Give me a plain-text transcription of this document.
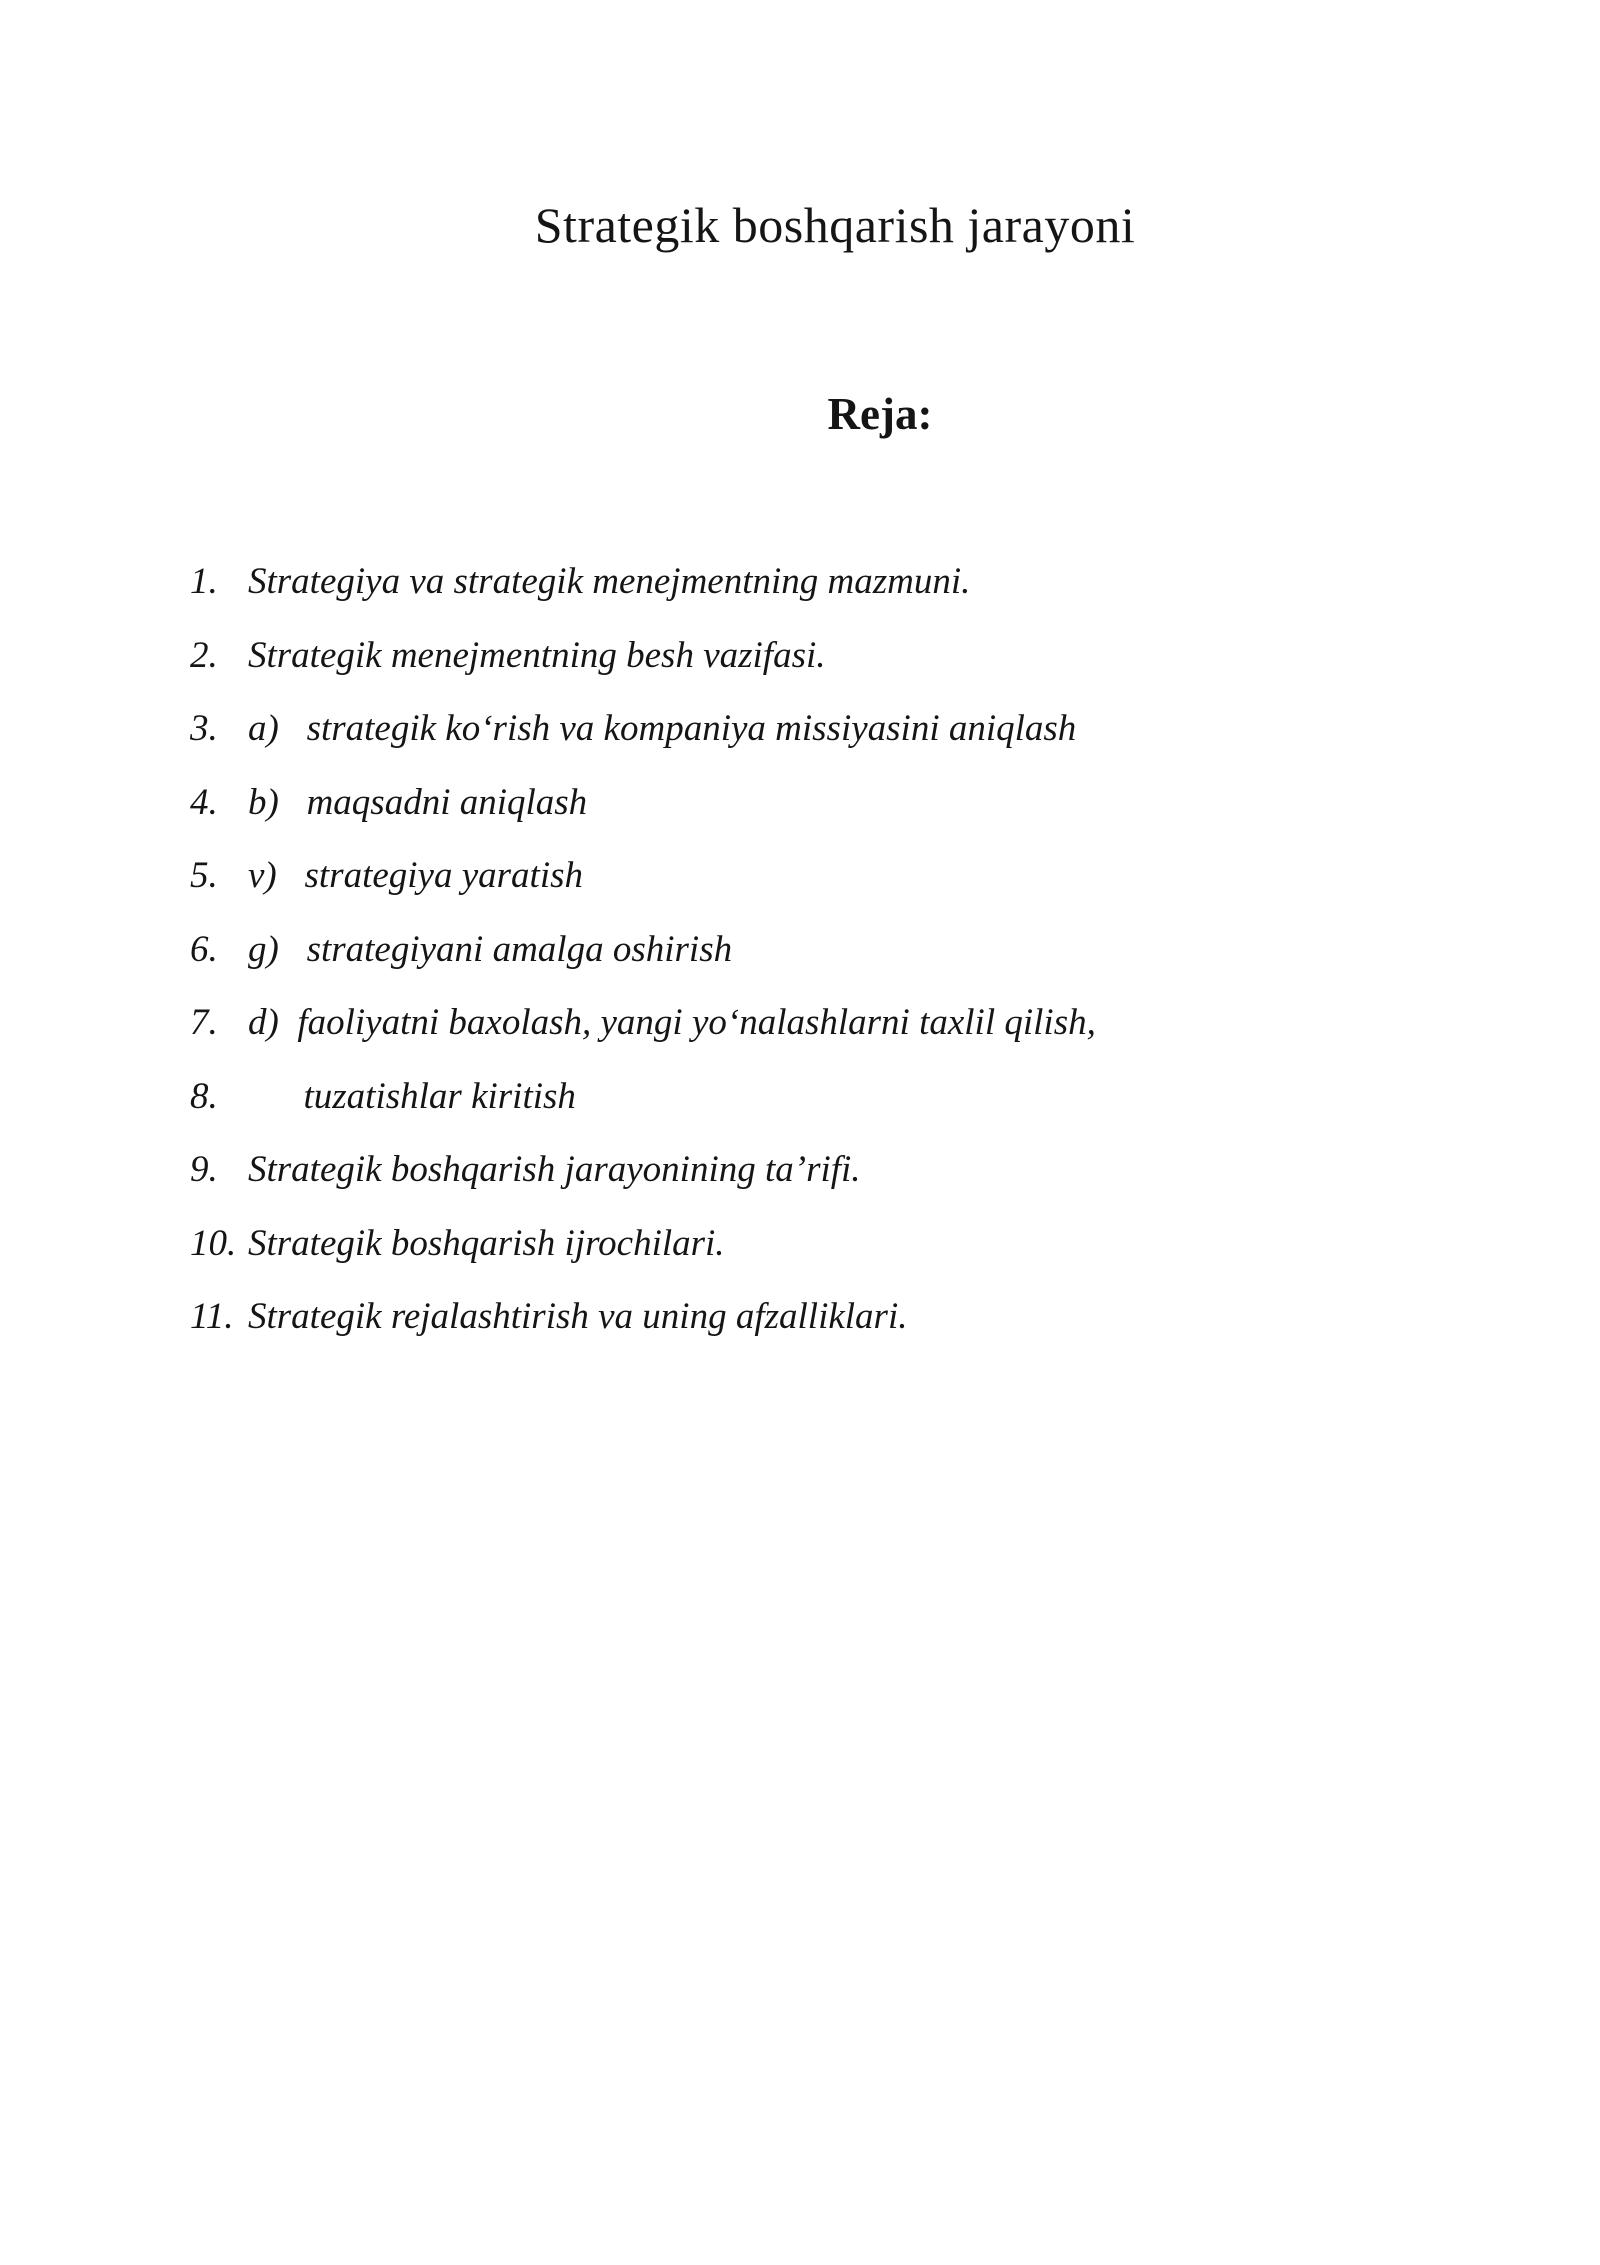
Strategik boshqarish jarayoni
Reja:
1. Strategiya va strategik menejmentning mazmuni.
2. Strategik menejmentning besh vazifasi.
3. a)   strategik koʻrish va kompaniya missiyasini aniqlash
4. b)   maqsadni aniqlash
5. v)   strategiya yaratish
6. g)   strategiyani amalga oshirish
7. d)  faoliyatni baxolash, yangi yoʻnalashlarni taxlil qilish,
8. tuzatishlar kiritish
9. Strategik boshqarish jarayonining ta’rifi.
10. Strategik boshqarish ijrochilari.
11. Strategik rejalashtirish va uning afzalliklari.
